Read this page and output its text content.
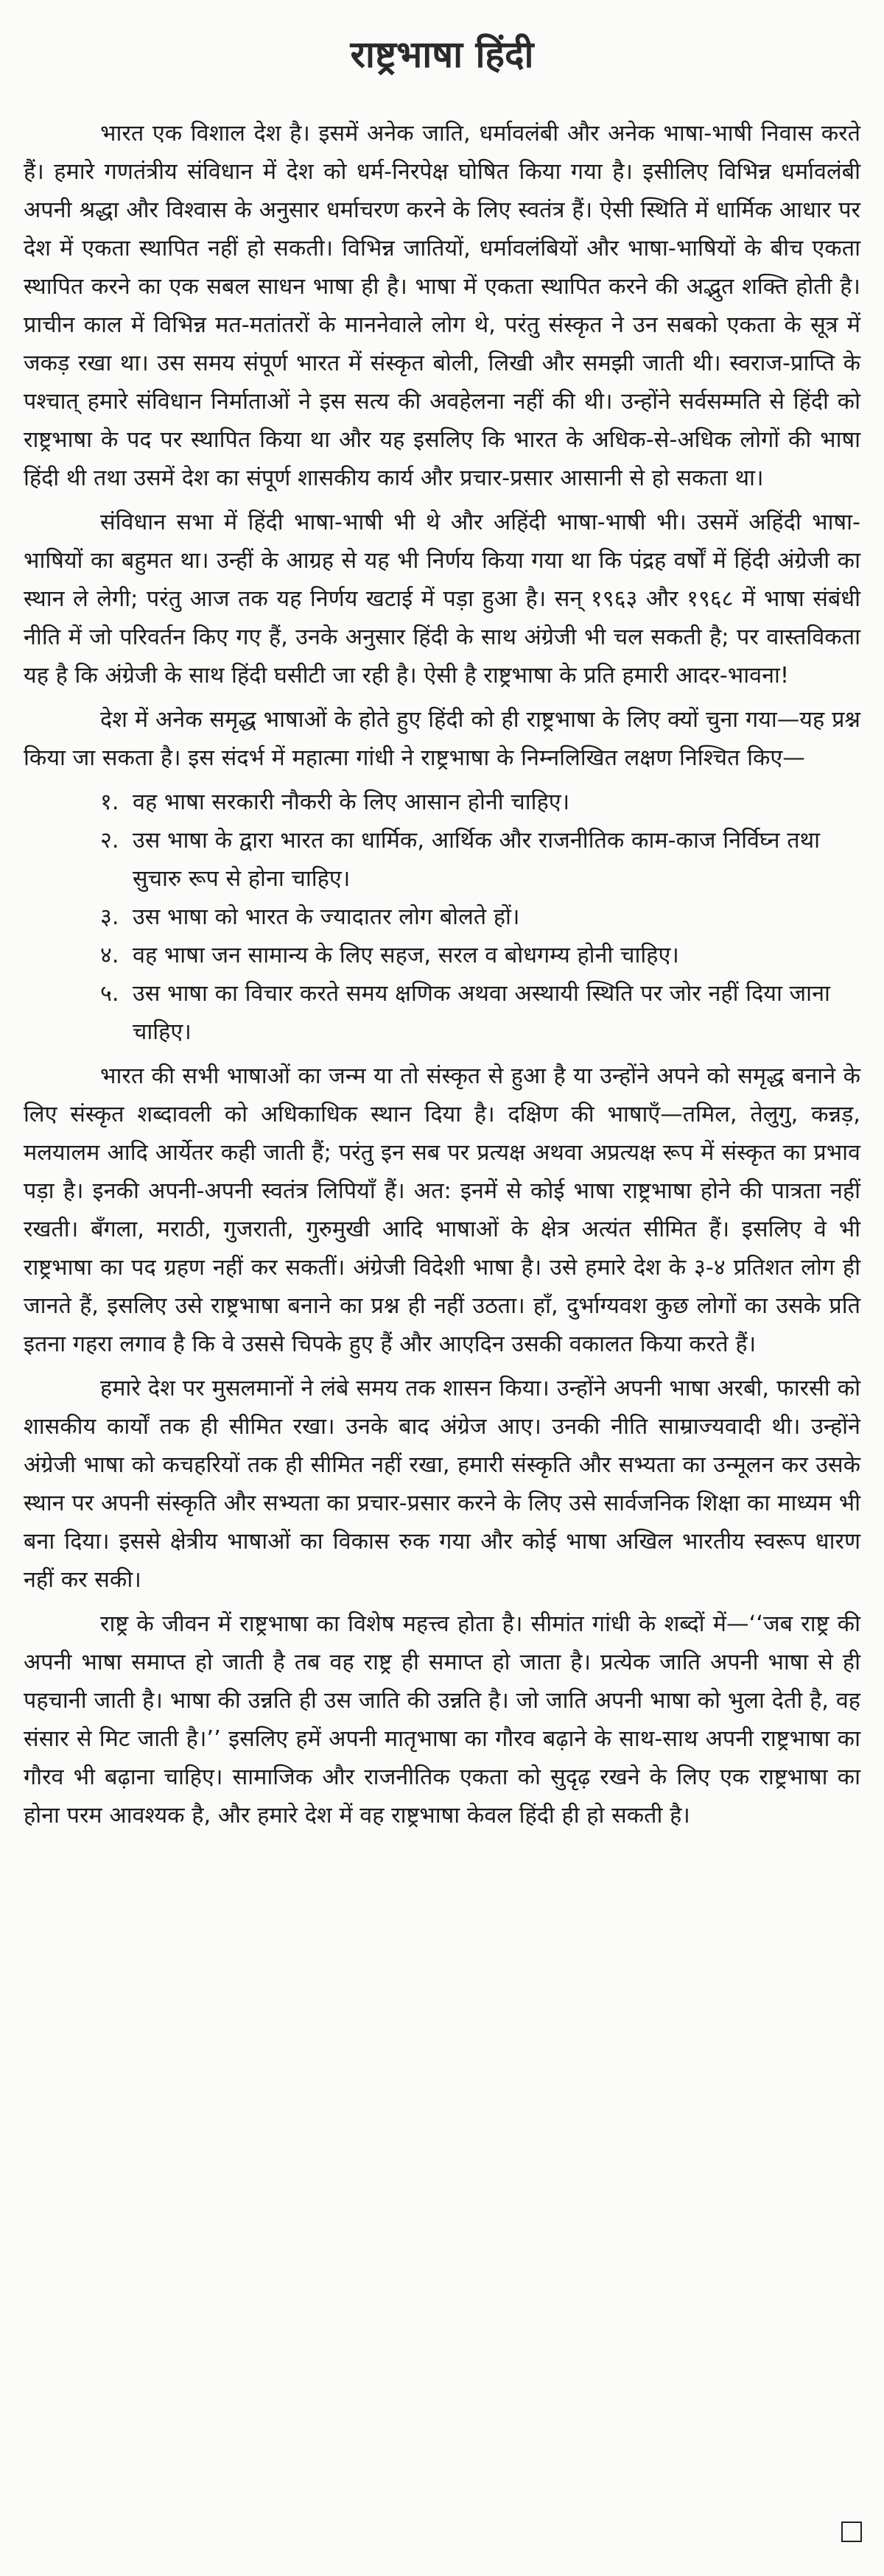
राष्ट्रभाषा हिंदी

भारत एक विशाल देश है। इसमें अनेक जाति, धर्मावलंबी और अनेक भाषा-भाषी निवास करते हैं। हमारे गणतंत्रीय संविधान में देश को धर्म-निरपेक्ष घोषित किया गया है। इसीलिए विभिन्न धर्मावलंबी अपनी श्रद्धा और विश्वास के अनुसार धर्माचरण करने के लिए स्वतंत्र हैं। ऐसी स्थिति में धार्मिक आधार पर देश में एकता स्थापित नहीं हो सकती। विभिन्न जातियों, धर्मावलंबियों और भाषा-भाषियों के बीच एकता स्थापित करने का एक सबल साधन भाषा ही है। भाषा में एकता स्थापित करने की अद्भुत शक्ति होती है। प्राचीन काल में विभिन्न मत-मतांतरों के माननेवाले लोग थे, परंतु संस्कृत ने उन सबको एकता के सूत्र में जकड़ रखा था। उस समय संपूर्ण भारत में संस्कृत बोली, लिखी और समझी जाती थी। स्वराज-प्राप्ति के पश्चात् हमारे संविधान निर्माताओं ने इस सत्य की अवहेलना नहीं की थी। उन्होंने सर्वसम्मति से हिंदी को राष्ट्रभाषा के पद पर स्थापित किया था और यह इसलिए कि भारत के अधिक-से-अधिक लोगों की भाषा हिंदी थी तथा उसमें देश का संपूर्ण शासकीय कार्य और प्रचार-प्रसार आसानी से हो सकता था।

संविधान सभा में हिंदी भाषा-भाषी भी थे और अहिंदी भाषा-भाषी भी। उसमें अहिंदी भाषा-भाषियों का बहुमत था। उन्हीं के आग्रह से यह भी निर्णय किया गया था कि पंद्रह वर्षों में हिंदी अंग्रेजी का स्थान ले लेगी; परंतु आज तक यह निर्णय खटाई में पड़ा हुआ है। सन् १९६३ और १९६८ में भाषा संबंधी नीति में जो परिवर्तन किए गए हैं, उनके अनुसार हिंदी के साथ अंग्रेजी भी चल सकती है; पर वास्तविकता यह है कि अंग्रेजी के साथ हिंदी घसीटी जा रही है। ऐसी है राष्ट्रभाषा के प्रति हमारी आदर-भावना!

देश में अनेक समृद्ध भाषाओं के होते हुए हिंदी को ही राष्ट्रभाषा के लिए क्यों चुना गया—यह प्रश्न किया जा सकता है। इस संदर्भ में महात्मा गांधी ने राष्ट्रभाषा के निम्नलिखित लक्षण निश्चित किए—

१. वह भाषा सरकारी नौकरी के लिए आसान होनी चाहिए।
२. उस भाषा के द्वारा भारत का धार्मिक, आर्थिक और राजनीतिक काम-काज निर्विघ्न तथा सुचारु रूप से होना चाहिए।
३. उस भाषा को भारत के ज्यादातर लोग बोलते हों।
४. वह भाषा जन सामान्य के लिए सहज, सरल व बोधगम्य होनी चाहिए।
५. उस भाषा का विचार करते समय क्षणिक अथवा अस्थायी स्थिति पर जोर नहीं दिया जाना चाहिए।

भारत की सभी भाषाओं का जन्म या तो संस्कृत से हुआ है या उन्होंने अपने को समृद्ध बनाने के लिए संस्कृत शब्दावली को अधिकाधिक स्थान दिया है। दक्षिण की भाषाएँ—तमिल, तेलुगु, कन्नड़, मलयालम आदि आर्येतर कही जाती हैं; परंतु इन सब पर प्रत्यक्ष अथवा अप्रत्यक्ष रूप में संस्कृत का प्रभाव पड़ा है। इनकी अपनी-अपनी स्वतंत्र लिपियाँ हैं। अत: इनमें से कोई भाषा राष्ट्रभाषा होने की पात्रता नहीं रखती। बँगला, मराठी, गुजराती, गुरुमुखी आदि भाषाओं के क्षेत्र अत्यंत सीमित हैं। इसलिए वे भी राष्ट्रभाषा का पद ग्रहण नहीं कर सकतीं। अंग्रेजी विदेशी भाषा है। उसे हमारे देश के ३-४ प्रतिशत लोग ही जानते हैं, इसलिए उसे राष्ट्रभाषा बनाने का प्रश्न ही नहीं उठता। हाँ, दुर्भाग्यवश कुछ लोगों का उसके प्रति इतना गहरा लगाव है कि वे उससे चिपके हुए हैं और आएदिन उसकी वकालत किया करते हैं।

हमारे देश पर मुसलमानों ने लंबे समय तक शासन किया। उन्होंने अपनी भाषा अरबी, फारसी को शासकीय कार्यों तक ही सीमित रखा। उनके बाद अंग्रेज आए। उनकी नीति साम्राज्यवादी थी। उन्होंने अंग्रेजी भाषा को कचहरियों तक ही सीमित नहीं रखा, हमारी संस्कृति और सभ्यता का उन्मूलन कर उसके स्थान पर अपनी संस्कृति और सभ्यता का प्रचार-प्रसार करने के लिए उसे सार्वजनिक शिक्षा का माध्यम भी बना दिया। इससे क्षेत्रीय भाषाओं का विकास रुक गया और कोई भाषा अखिल भारतीय स्वरूप धारण नहीं कर सकी।

राष्ट्र के जीवन में राष्ट्रभाषा का विशेष महत्त्व होता है। सीमांत गांधी के शब्दों में—‘‘जब राष्ट्र की अपनी भाषा समाप्त हो जाती है तब वह राष्ट्र ही समाप्त हो जाता है। प्रत्येक जाति अपनी भाषा से ही पहचानी जाती है। भाषा की उन्नति ही उस जाति की उन्नति है। जो जाति अपनी भाषा को भुला देती है, वह संसार से मिट जाती है।’’ इसलिए हमें अपनी मातृभाषा का गौरव बढ़ाने के साथ-साथ अपनी राष्ट्रभाषा का गौरव भी बढ़ाना चाहिए। सामाजिक और राजनीतिक एकता को सुदृढ़ रखने के लिए एक राष्ट्रभाषा का होना परम आवश्यक है, और हमारे देश में वह राष्ट्रभाषा केवल हिंदी ही हो सकती है।
